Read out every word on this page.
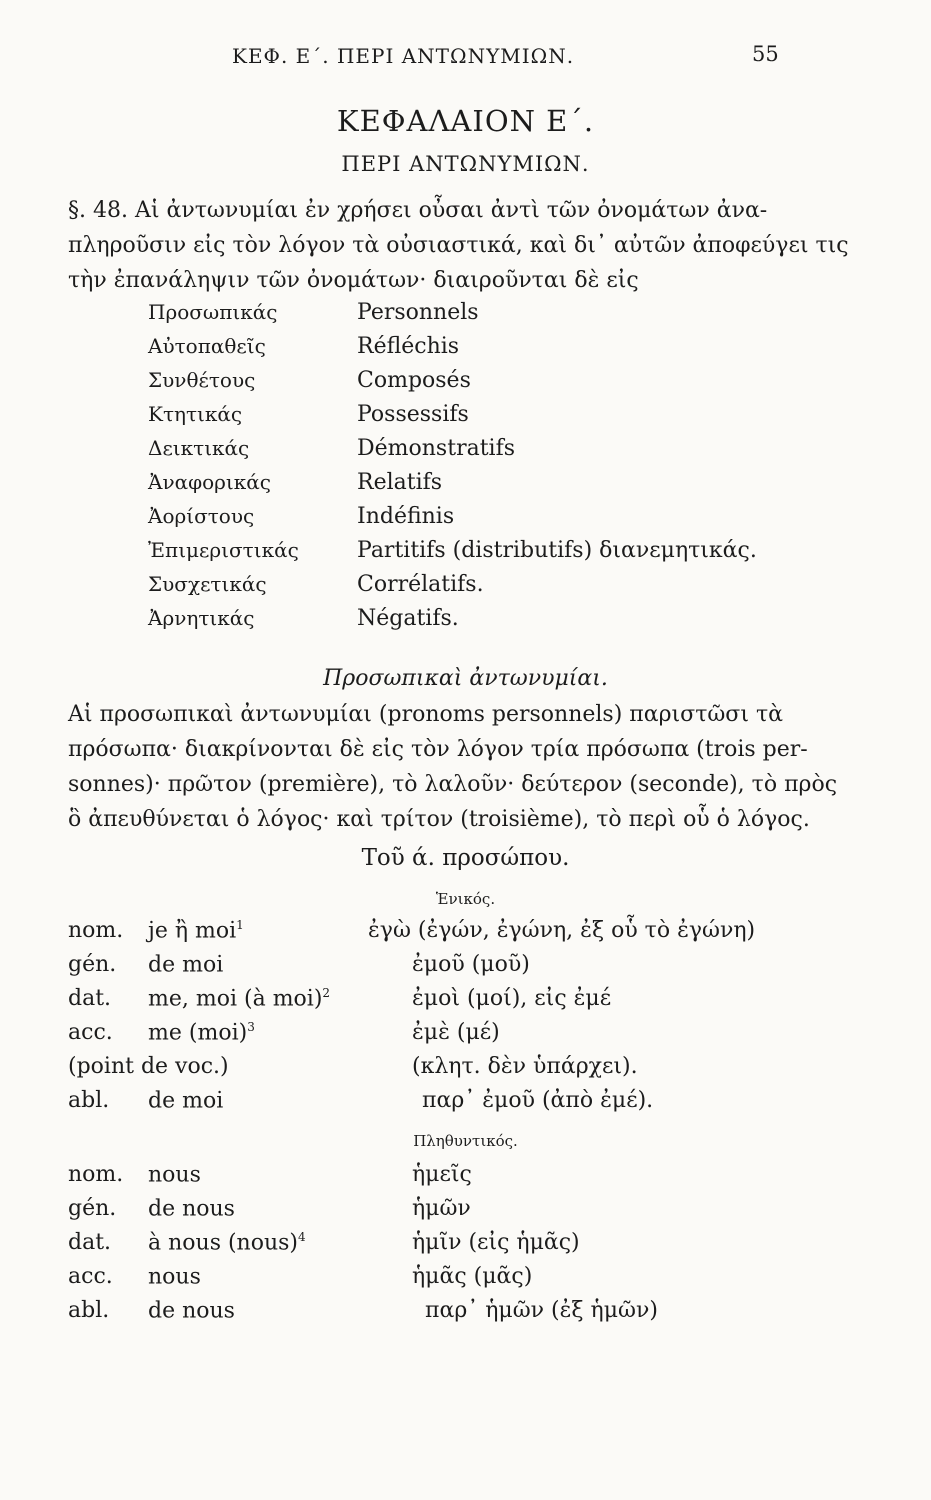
ΚΕΦ. Ε΄. ΠΕΡΙ ΑΝΤΩΝΥΜΙΩΝ.	55
ΚΕΦΑΛΑΙΟΝ Ε΄.
ΠΕΡΙ ΑΝΤΩΝΥΜΙΩΝ.
§. 48. Αἱ ἀντωνυμίαι ἐν χρήσει οὖσαι ἀντὶ τῶν ὀνομάτων ἀνα-
πληροῦσιν εἰς τὸν λόγον τὰ οὐσιαστικά, καὶ δι᾽ αὐτῶν ἀποφεύγει τις
τὴν ἐπανάληψιν τῶν ὀνομάτων· διαιροῦνται δὲ εἰς
Προσωπικάς	Personnels
Αὐτοπαθεῖς	Réfléchis
Συνθέτους	Composés
Κτητικάς	Possessifs
Δεικτικάς	Démonstratifs
Ἀναφορικάς	Relatifs
Ἀορίστους	Indéfinis
Ἐπιμεριστικάς	Partitifs (distributifs) διανεμητικάς.
Συσχετικάς	Corrélatifs.
Ἀρνητικάς	Négatifs.
Προσωπικαὶ ἀντωνυμίαι.
Αἱ προσωπικαὶ ἀντωνυμίαι (pronoms personnels) παριστῶσι τὰ
πρόσωπα· διακρίνονται δὲ εἰς τὸν λόγον τρία πρόσωπα (trois per-
sonnes)· πρῶτον (première), τὸ λαλοῦν· δεύτερον (seconde), τὸ πρὸς
ὃ ἀπευθύνεται ὁ λόγος· καὶ τρίτον (troisième), τὸ περὶ οὗ ὁ λόγος.
Τοῦ ά. προσώπου.
Ἑνικός.
nom. je ἢ moi$^1$	ἐγὼ (ἐγών, ἐγώνη, ἐξ οὗ τὸ ἐγώνη)
gén. de moi	ἐμοῦ (μοῦ)
dat. me, moi (à moi)$^2$	ἐμοὶ (μοί), εἰς ἐμέ
acc. me (moi)$^3$	ἐμὲ (μέ)
(point de voc.)	(κλητ. δὲν ὑπάρχει).
abl. de moi	παρ᾽ ἐμοῦ (ἀπὸ ἐμέ).
Πληθυντικός.
nom. nous	ἡμεῖς
gén. de nous	ἡμῶν
dat. à nous (nous)$^4$	ἡμῖν (εἰς ἡμᾶς)
acc. nous	ἡμᾶς (μᾶς)
abl. de nous	παρ᾽ ἡμῶν (ἐξ ἡμῶν)
